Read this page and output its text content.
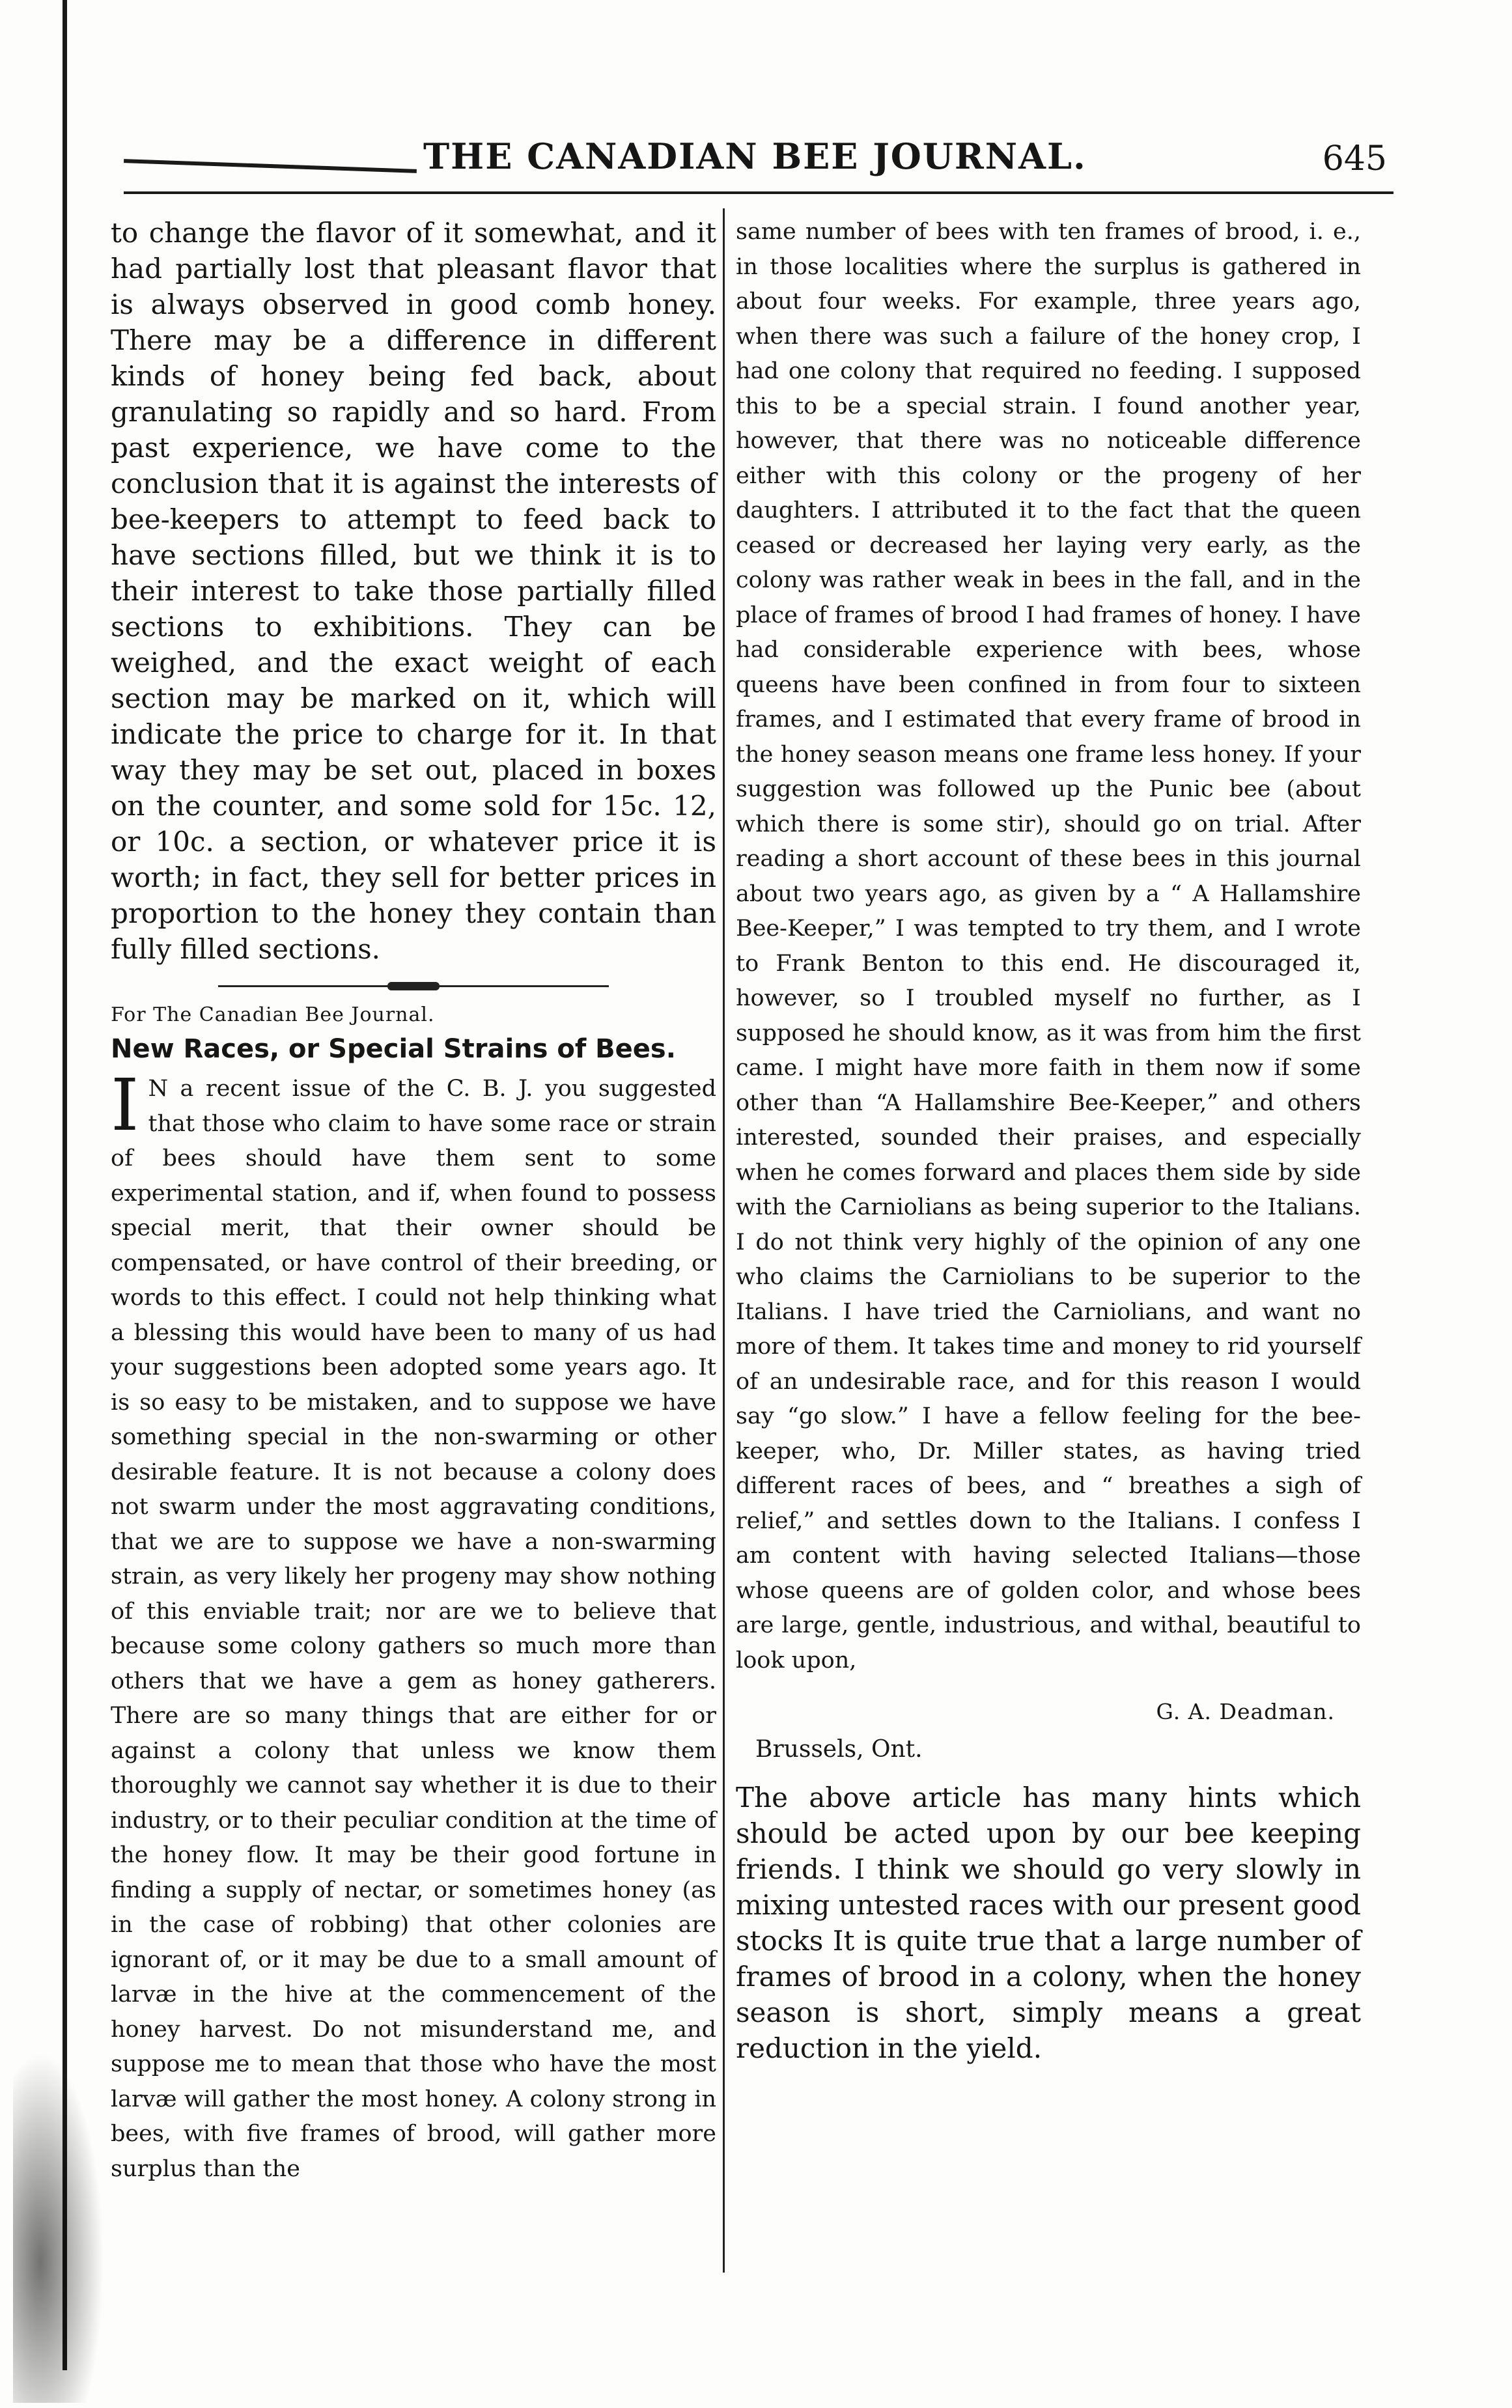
THE CANADIAN BEE JOURNAL.	645

to change the flavor of it somewhat, and it had partially lost that pleasant flavor that is always observed in good comb honey. There may be a difference in different kinds of honey being fed back, about granulating so rapidly and so hard. From past experience, we have come to the conclusion that it is against the interests of bee-keepers to attempt to feed back to have sections filled, but we think it is to their interest to take those partially filled sections to exhibitions. They can be weighed, and the exact weight of each section may be marked on it, which will indicate the price to charge for it. In that way they may be set out, placed in boxes on the counter, and some sold for 15c. 12, or 10c. a section, or whatever price it is worth; in fact, they sell for better prices in proportion to the honey they contain than fully filled sections.

For The Canadian Bee Journal.

New Races, or Special Strains of Bees.

I N a recent issue of the C. B. J. you suggested that those who claim to have some race or strain of bees should have them sent to some experimental station, and if, when found to possess special merit, that their owner should be compensated, or have control of their breeding, or words to this effect. I could not help thinking what a blessing this would have been to many of us had your suggestions been adopted some years ago. It is so easy to be mistaken, and to suppose we have something special in the non-swarming or other desirable feature. It is not because a colony does not swarm under the most aggravating conditions, that we are to suppose we have a non-swarming strain, as very likely her progeny may show nothing of this enviable trait; nor are we to believe that because some colony gathers so much more than others that we have a gem as honey gatherers. There are so many things that are either for or against a colony that unless we know them thoroughly we cannot say whether it is due to their industry, or to their peculiar condition at the time of the honey flow. It may be their good fortune in finding a supply of nectar, or sometimes honey (as in the case of robbing) that other colonies are ignorant of, or it may be due to a small amount of larvæ in the hive at the commencement of the honey harvest. Do not misunderstand me, and suppose me to mean that those who have the most larvæ will gather the most honey. A colony strong in bees, with five frames of brood, will gather more surplus than the

same number of bees with ten frames of brood, i. e., in those localities where the surplus is gathered in about four weeks. For example, three years ago, when there was such a failure of the honey crop, I had one colony that required no feeding. I supposed this to be a special strain. I found another year, however, that there was no noticeable difference either with this colony or the progeny of her daughters. I attributed it to the fact that the queen ceased or decreased her laying very early, as the colony was rather weak in bees in the fall, and in the place of frames of brood I had frames of honey. I have had considerable experience with bees, whose queens have been confined in from four to sixteen frames, and I estimated that every frame of brood in the honey season means one frame less honey. If your suggestion was followed up the Punic bee (about which there is some stir), should go on trial. After reading a short account of these bees in this journal about two years ago, as given by a “ A Hallamshire Bee-Keeper,” I was tempted to try them, and I wrote to Frank Benton to this end. He discouraged it, however, so I troubled myself no further, as I supposed he should know, as it was from him the first came. I might have more faith in them now if some other than “A Hallamshire Bee-Keeper,” and others interested, sounded their praises, and especially when he comes forward and places them side by side with the Carniolians as being superior to the Italians. I do not think very highly of the opinion of any one who claims the Carniolians to be superior to the Italians. I have tried the Carniolians, and want no more of them. It takes time and money to rid yourself of an undesirable race, and for this reason I would say “go slow.” I have a fellow feeling for the bee-keeper, who, Dr. Miller states, as having tried different races of bees, and “ breathes a sigh of relief,” and settles down to the Italians. I confess I am content with having selected Italians—those whose queens are of golden color, and whose bees are large, gentle, industrious, and withal, beautiful to look upon,

G. A. Deadman.

Brussels, Ont.

The above article has many hints which should be acted upon by our bee keeping friends. I think we should go very slowly in mixing untested races with our present good stocks It is quite true that a large number of frames of brood in a colony, when the honey season is short, simply means a great reduction in the yield.
